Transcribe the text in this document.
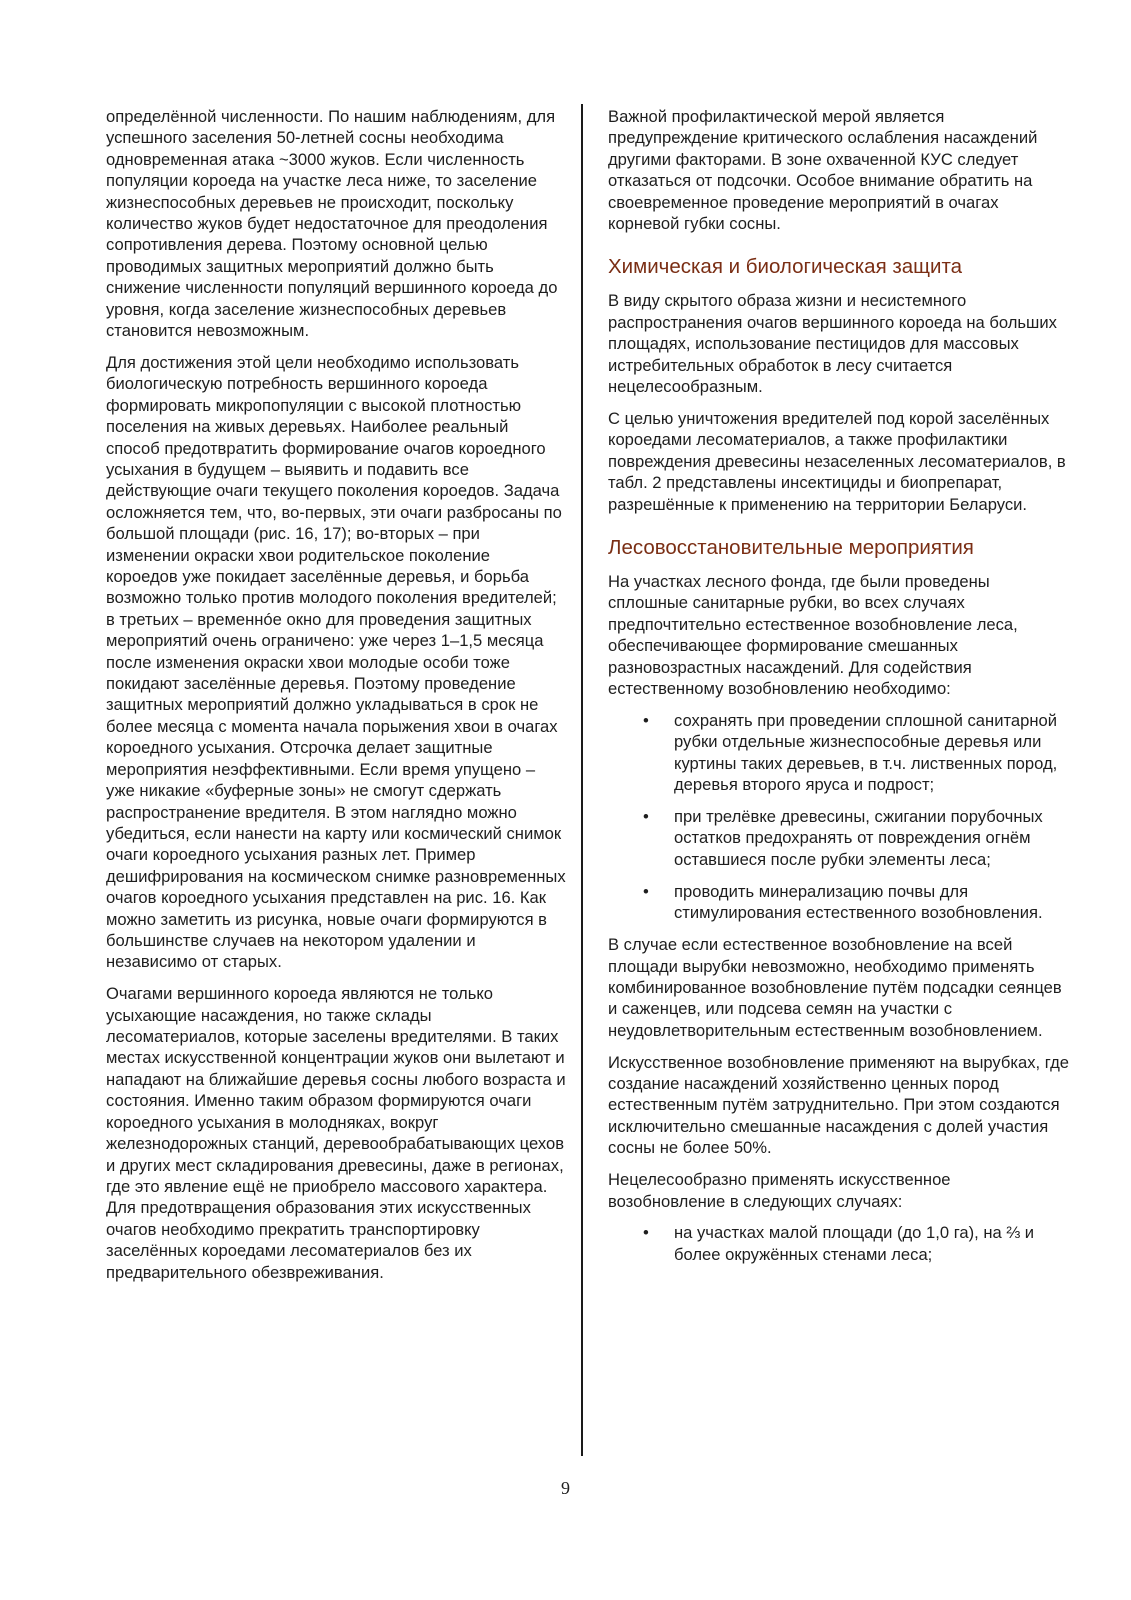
определённой численности. По нашим наблюдениям, для успешного заселения 50-летней сосны необходима одновременная атака ~3000 жуков. Если численность популяции короеда на участке леса ниже, то заселение жизнеспособных деревьев не происходит, поскольку количество жуков будет недостаточное для преодоления сопротивления дерева. Поэтому основной целью проводимых защитных мероприятий должно быть снижение численности популяций вершинного короеда до уровня, когда заселение жизнеспособных деревьев становится невозможным.

Для достижения этой цели необходимо использовать биологическую потребность вершинного короеда формировать микропопуляции с высокой плотностью поселения на живых деревьях. Наиболее реальный способ предотвратить формирование очагов короедного усыхания в будущем – выявить и подавить все действующие очаги текущего поколения короедов. Задача осложняется тем, что, во-первых, эти очаги разбросаны по большой площади (рис. 16, 17); во-вторых – при изменении окраски хвои родительское поколение короедов уже покидает заселённые деревья, и борьба возможно только против молодого поколения вредителей; в третьих – временнóе окно для проведения защитных мероприятий очень ограничено: уже через 1–1,5 месяца после изменения окраски хвои молодые особи тоже покидают заселённые деревья. Поэтому проведение защитных мероприятий должно укладываться в срок не более месяца с момента начала порыжения хвои в очагах короедного усыхания. Отсрочка делает защитные мероприятия неэффективными. Если время упущено – уже никакие «буферные зоны» не смогут сдержать распространение вредителя. В этом наглядно можно убедиться, если нанести на карту или космический снимок очаги короедного усыхания разных лет. Пример дешифрирования на космическом снимке разновременных очагов короедного усыхания представлен на рис. 16. Как можно заметить из рисунка, новые очаги формируются в большинстве случаев на некотором удалении и независимо от старых.

Очагами вершинного короеда являются не только усыхающие насаждения, но также склады лесоматериалов, которые заселены вредителями. В таких местах искусственной концентрации жуков они вылетают и нападают на ближайшие деревья сосны любого возраста и состояния. Именно таким образом формируются очаги короедного усыхания в молодняках, вокруг железнодорожных станций, деревообрабатывающих цехов и других мест складирования древесины, даже в регионах, где это явление ещё не приобрело массового характера. Для предотвращения образования этих искусственных очагов необходимо прекратить транспортировку заселённых короедами лесоматериалов без их предварительного обезвреживания.

Важной профилактической мерой является предупреждение критического ослабления насаждений другими факторами. В зоне охваченной КУС следует отказаться от подсочки. Особое внимание обратить на своевременное проведение мероприятий в очагах корневой губки сосны.

Химическая и биологическая защита

В виду скрытого образа жизни и несистемного распространения очагов вершинного короеда на больших площадях, использование пестицидов для массовых истребительных обработок в лесу считается нецелесообразным.

С целью уничтожения вредителей под корой заселённых короедами лесоматериалов, а также профилактики повреждения древесины незаселенных лесоматериалов, в табл. 2 представлены инсектициды и биопрепарат, разрешённые к применению на территории Беларуси.

Лесовосстановительные мероприятия

На участках лесного фонда, где были проведены сплошные санитарные рубки, во всех случаях предпочтительно естественное возобновление леса, обеспечивающее формирование смешанных разновозрастных насаждений. Для содействия естественному возобновлению необходимо:

• сохранять при проведении сплошной санитарной рубки отдельные жизнеспособные деревья или куртины таких деревьев, в т.ч. лиственных пород, деревья второго яруса и подрост;
• при трелёвке древесины, сжигании порубочных остатков предохранять от повреждения огнём оставшиеся после рубки элементы леса;
• проводить минерализацию почвы для стимулирования естественного возобновления.

В случае если естественное возобновление на всей площади вырубки невозможно, необходимо применять комбинированное возобновление путём подсадки сеянцев и саженцев, или подсева семян на участки с неудовлетворительным естественным возобновлением.

Искусственное возобновление применяют на вырубках, где создание насаждений хозяйственно ценных пород естественным путём затруднительно. При этом создаются исключительно смешанные насаждения с долей участия сосны не более 50%.

Нецелесообразно применять искусственное возобновление в следующих случаях:

• на участках малой площади (до 1,0 га), на ⅔ и более окружённых стенами леса;
9
